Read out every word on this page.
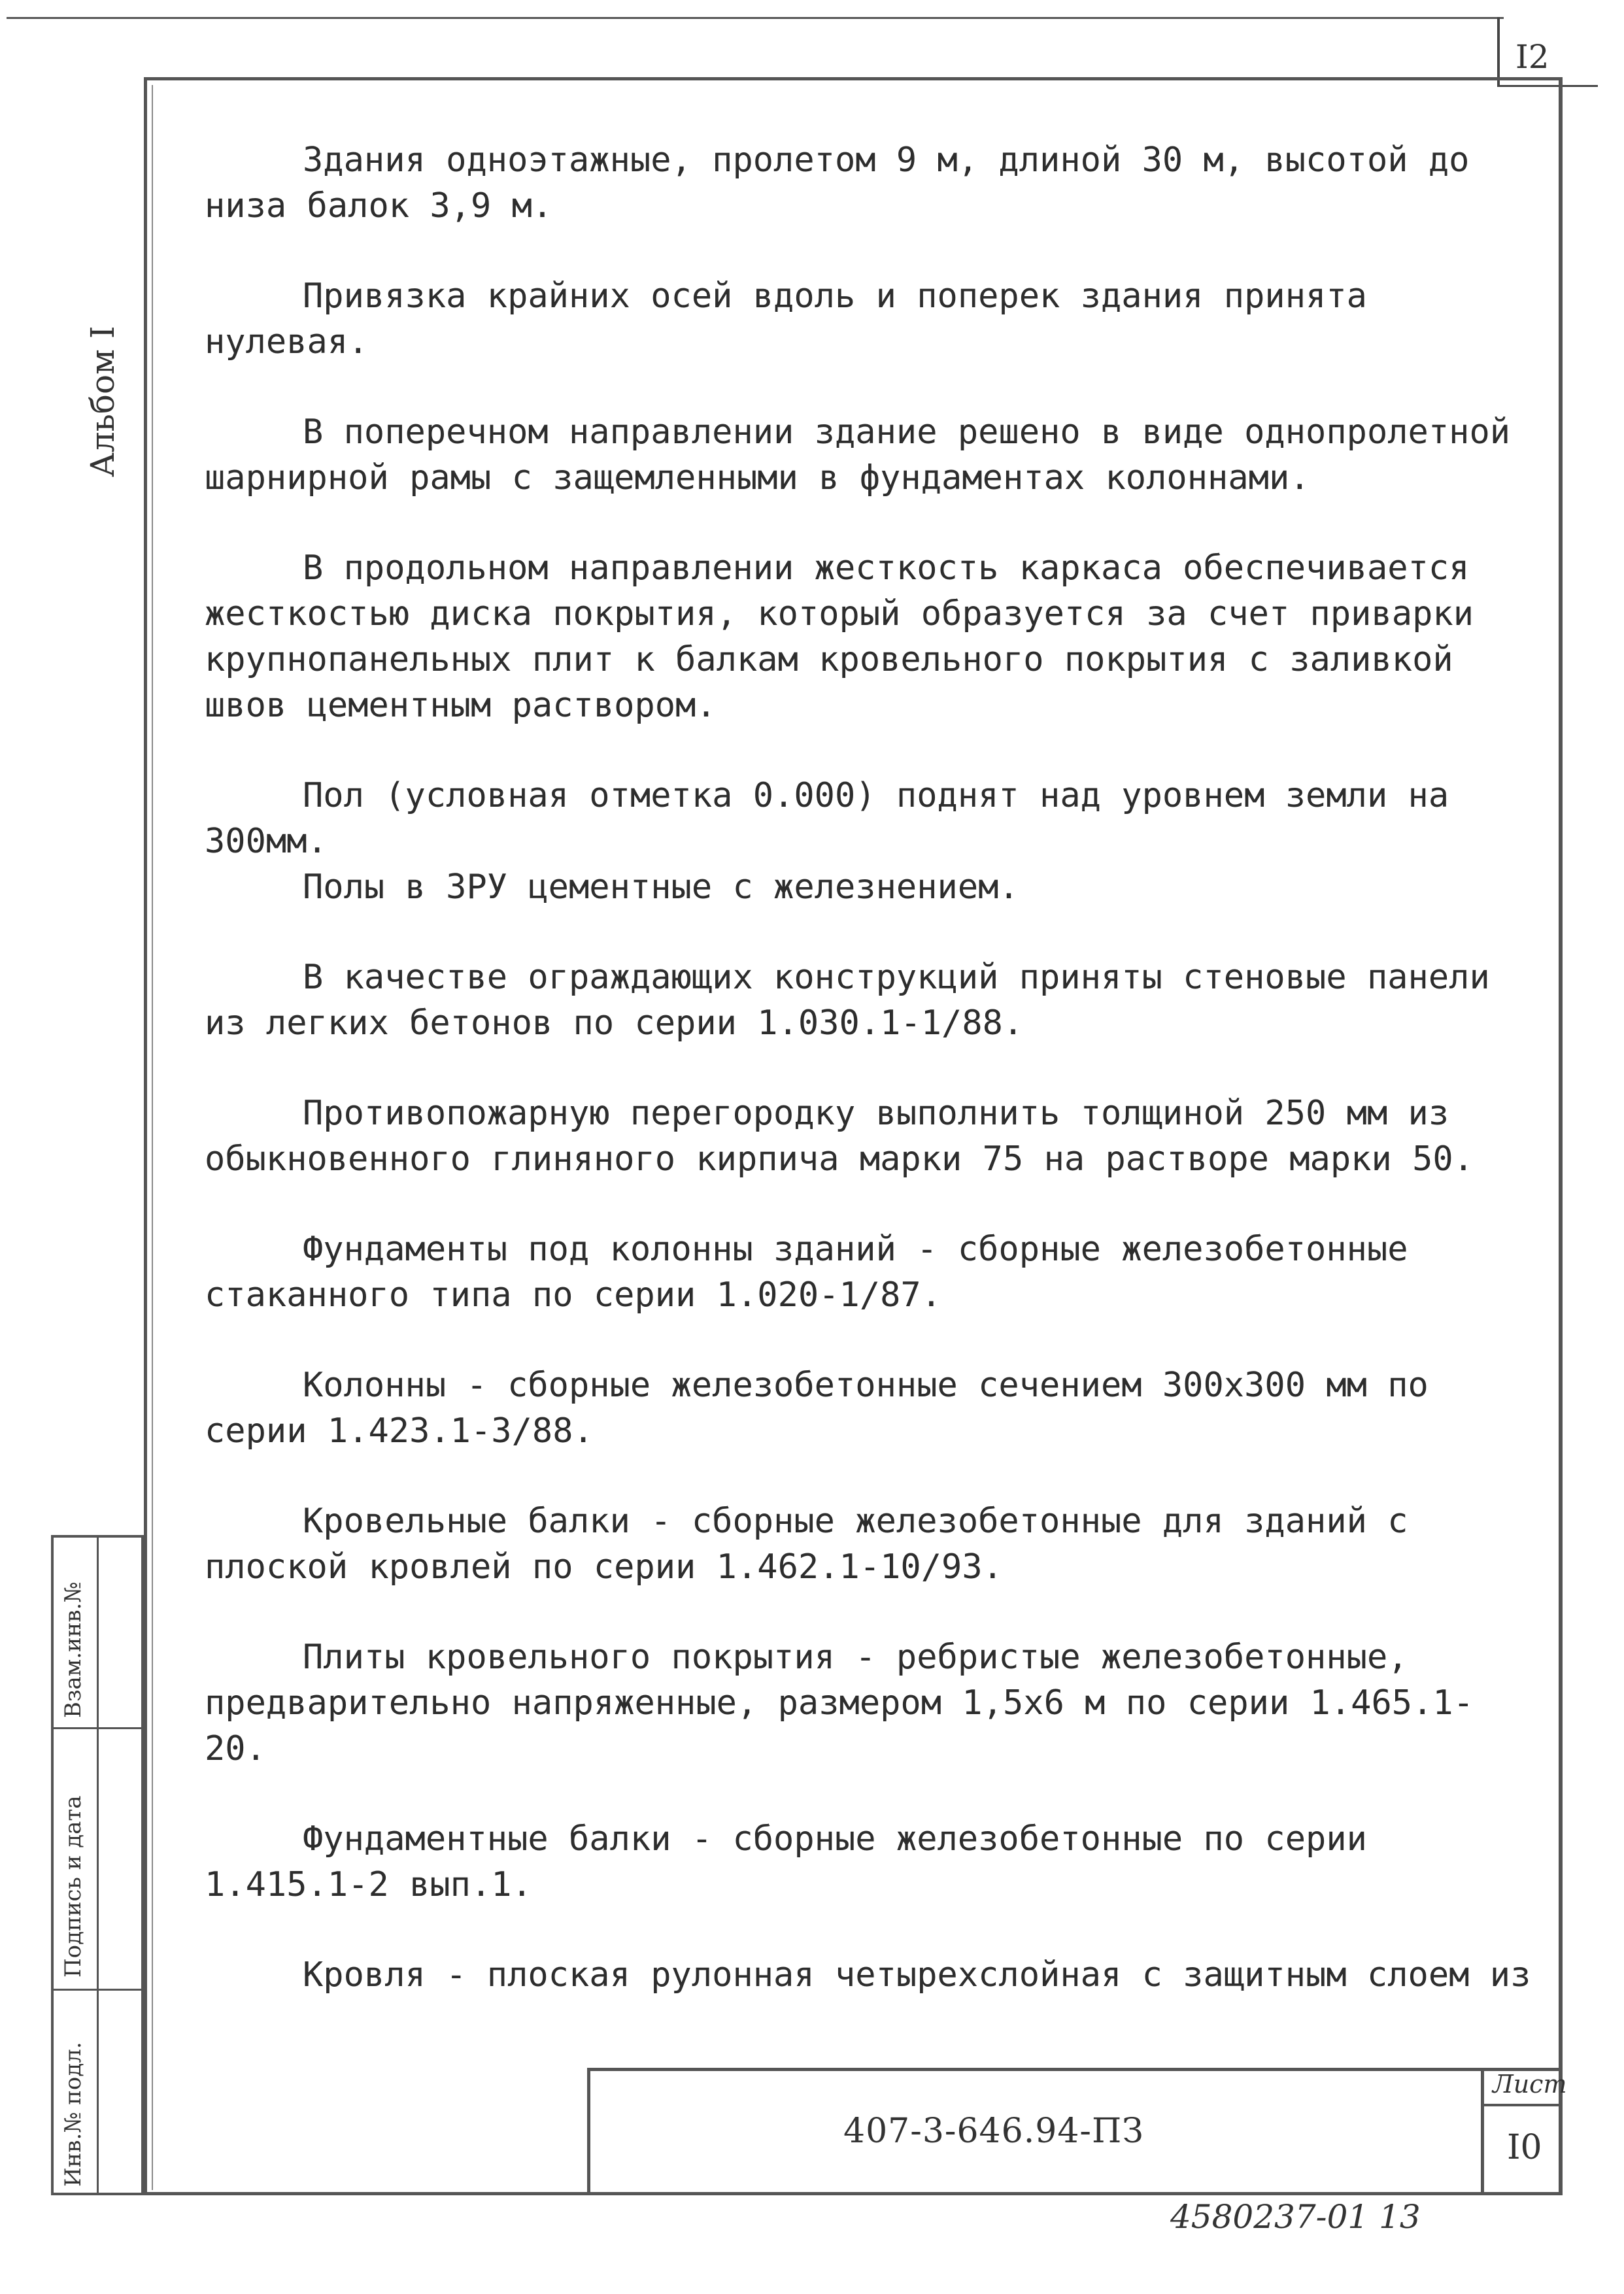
I2
Альбом I
Взам.инв.№
Подпись и дата
Инв.№ подл.

Здания одноэтажные, пролетом 9 м, длиной 30 м, высотой до низа балок 3,9 м.

Привязка крайних осей вдоль и поперек здания принята нулевая.

В поперечном направлении здание решено в виде однопролетной шарнирной рамы с защемленными в фундаментах колоннами.

В продольном направлении жесткость каркаса обеспечивается жесткостью диска покрытия, который образуется за счет приварки крупнопанельных плит к балкам кровельного покрытия с заливкой швов цементным раствором.

Пол (условная отметка 0.000) поднят над уровнем земли на 300мм.

Полы в ЗРУ цементные с железнением.

В качестве ограждающих конструкций приняты стеновые панели из легких бетонов по серии 1.030.1-1/88.

Противопожарную перегородку выполнить толщиной 250 мм из обыкновенного глиняного кирпича марки 75 на растворе марки 50.

Фундаменты под колонны зданий - сборные железобетонные стаканного типа по серии 1.020-1/87.

Колонны - сборные железобетонные сечением 300х300 мм по серии 1.423.1-3/88.

Кровельные балки - сборные железобетонные для зданий с плоской кровлей по серии 1.462.1-10/93.

Плиты кровельного покрытия - ребристые железобетонные, предварительно напряженные, размером 1,5х6 м по серии 1.465.1-20.

Фундаментные балки - сборные железобетонные по серии 1.415.1-2 вып.1.

Кровля - плоская рулонная четырехслойная с защитным слоем из

Лист
407-3-646.94-ПЗ	I0
4580237-01 13
